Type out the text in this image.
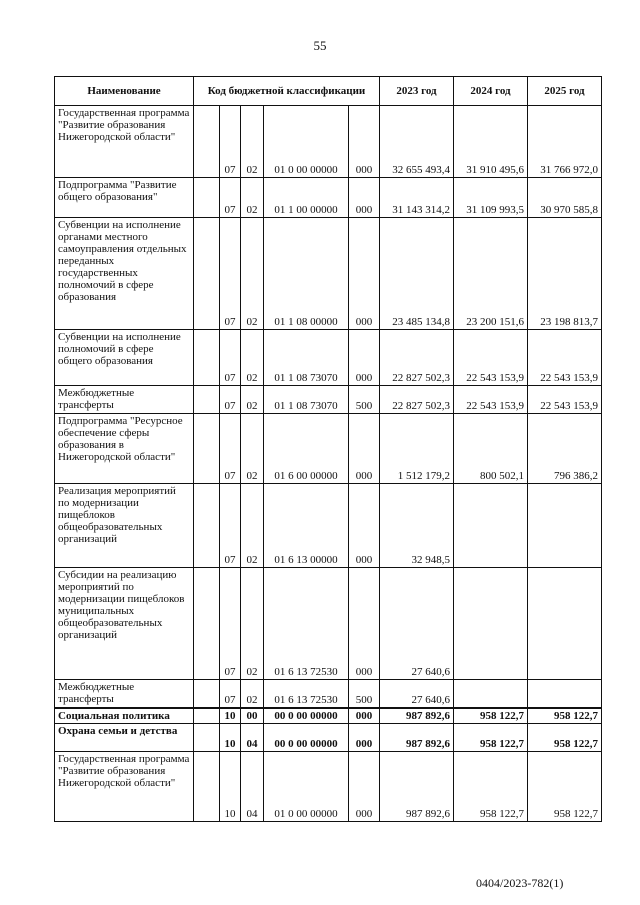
55
Наименование	Код бюджетной классификации					2023 год	2024 год	2025 год
Государственная программа "Развитие образования Нижегородской области"		07	02	01 0 00 00000	000	32 655 493,4	31 910 495,6	31 766 972,0
Подпрограмма "Развитие общего образования"		07	02	01 1 00 00000	000	31 143 314,2	31 109 993,5	30 970 585,8
Субвенции на исполнение органами местного самоуправления отдельных переданных государственных полномочий в сфере образования		07	02	01 1 08 00000	000	23 485 134,8	23 200 151,6	23 198 813,7
Субвенции на исполнение полномочий в сфере общего образования		07	02	01 1 08 73070	000	22 827 502,3	22 543 153,9	22 543 153,9
Межбюджетные трансферты		07	02	01 1 08 73070	500	22 827 502,3	22 543 153,9	22 543 153,9
Подпрограмма "Ресурсное обеспечение сферы образования в Нижегородской области"		07	02	01 6 00 00000	000	1 512 179,2	800 502,1	796 386,2
Реализация мероприятий по модернизации пищеблоков общеобразовательных организаций		07	02	01 6 13 00000	000	32 948,5		
Субсидии на реализацию мероприятий по модернизации пищеблоков муниципальных общеобразовательных организаций		07	02	01 6 13 72530	000	27 640,6		
Межбюджетные трансферты		07	02	01 6 13 72530	500	27 640,6		
Социальная политика		10	00	00 0 00 00000	000	987 892,6	958 122,7	958 122,7
Охрана семьи и детства		10	04	00 0 00 00000	000	987 892,6	958 122,7	958 122,7
Государственная программа "Развитие образования Нижегородской области"		10	04	01 0 00 00000	000	987 892,6	958 122,7	958 122,7
0404/2023-782(1)
